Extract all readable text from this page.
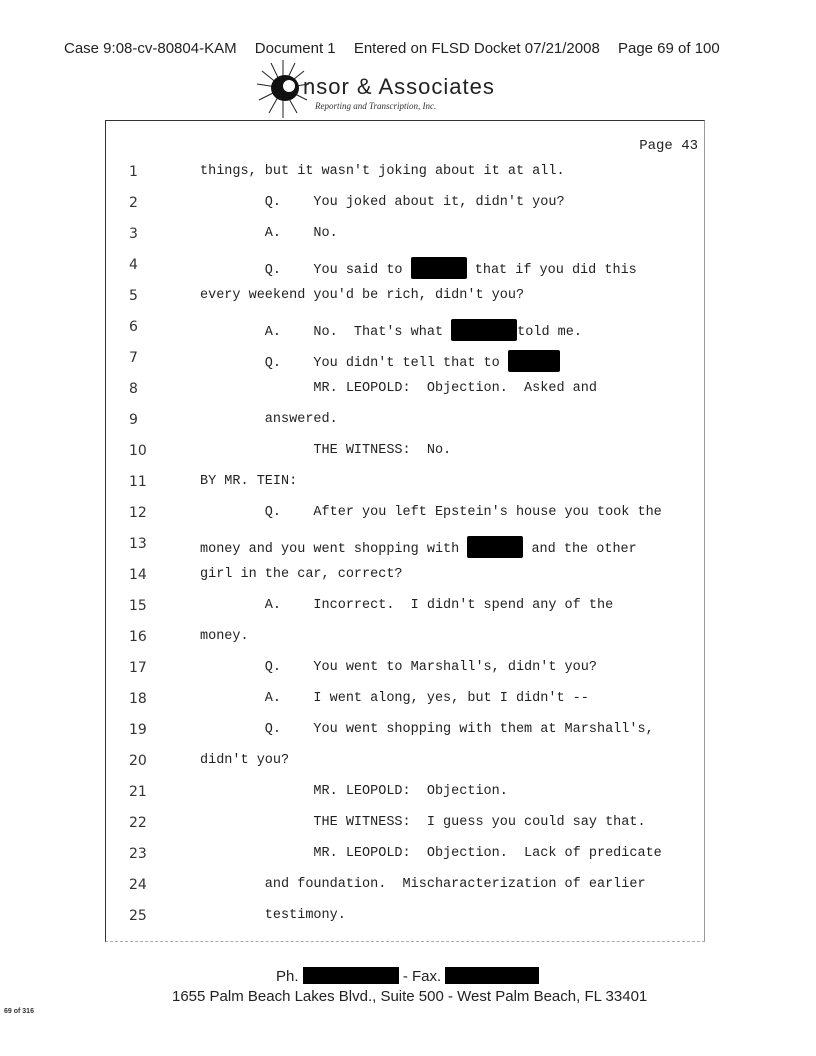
Case 9:08-cv-80804-KAM Document 1 Entered on FLSD Docket 07/21/2008 Page 69 of 100
nsor & Associates
Reporting and Transcription, Inc.
Page 43
1	things, but it wasn't joking about it at all.
2	Q.    You joked about it, didn't you?
3	A.    No.
4	Q.    You said to	that if you did this
5	every weekend you'd be rich, didn't you?
6	A.    No.  That's what	told me.
7	Q.    You didn't tell that to
8	MR. LEOPOLD:  Objection.  Asked and
9	answered.
10	THE WITNESS:  No.
11	BY MR. TEIN:
12	Q.    After you left Epstein's house you took the
13	money and you went shopping with	and the other
14	girl in the car, correct?
15	A.    Incorrect.  I didn't spend any of the
16	money.
17	Q.    You went to Marshall's, didn't you?
18	A.    I went along, yes, but I didn't --
19	Q.    You went shopping with them at Marshall's,
20	didn't you?
21	MR. LEOPOLD:  Objection.
22	THE WITNESS:  I guess you could say that.
23	MR. LEOPOLD:  Objection.  Lack of predicate
24	and foundation.  Mischaracterization of earlier
25	testimony.
Ph.	- Fax.
1655 Palm Beach Lakes Blvd., Suite 500 - West Palm Beach, FL 33401
69 of 316
